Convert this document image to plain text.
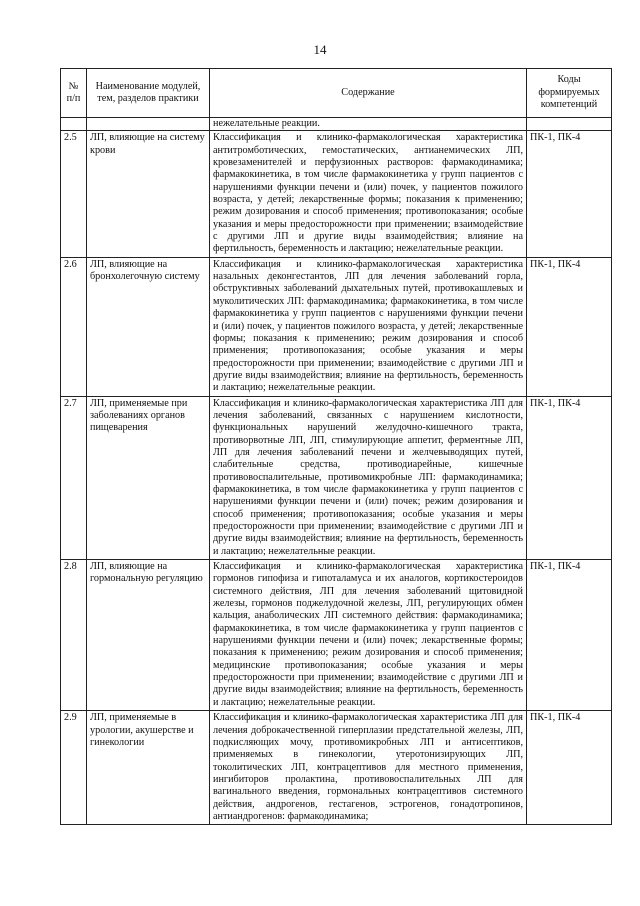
14
№ п/п	Наименование модулей, тем, разделов практики	Содержание	Коды формируемых компетенций
		нежелательные реакции.	
2.5	ЛП, влияющие на систему крови	Классификация и клинико-фармакологическая характеристика антитромботических, гемостатических, антианемических ЛП, кровезаменителей и перфузионных растворов: фармакодинамика; фармакокинетика, в том числе фармакокинетика у групп пациентов с нарушениями функции печени и (или) почек, у пациентов пожилого возраста, у детей; лекарственные формы; показания к применению; режим дозирования и способ применения; противопоказания; особые указания и меры предосторожности при применении; взаимодействие с другими ЛП и другие виды взаимодействия; влияние на фертильность, беременность и лактацию; нежелательные реакции.	ПК-1, ПК-4
2.6	ЛП, влияющие на бронхолегочную систему	Классификация и клинико-фармакологическая характеристика назальных деконгестантов, ЛП для лечения заболеваний горла, обструктивных заболеваний дыхательных путей, противокашлевых и муколитических ЛП: фармакодинамика; фармакокинетика, в том числе фармакокинетика у групп пациентов с нарушениями функции печени и (или) почек, у пациентов пожилого возраста, у детей; лекарственные формы; показания к применению; режим дозирования и способ применения; противопоказания; особые указания и меры предосторожности при применении; взаимодействие с другими ЛП и другие виды взаимодействия; влияние на фертильность, беременность и лактацию; нежелательные реакции.	ПК-1, ПК-4
2.7	ЛП, применяемые при заболеваниях органов пищеварения	Классификация и клинико-фармакологическая характеристика ЛП для лечения заболеваний, связанных с нарушением кислотности, функциональных нарушений желудочно-кишечного тракта, противорвотные ЛП, ЛП, стимулирующие аппетит, ферментные ЛП, ЛП для лечения заболеваний печени и желчевыводящих путей, слабительные средства, противодиарейные, кишечные противовоспалительные, противомикробные ЛП: фармакодинамика; фармакокинетика, в том числе фармакокинетика у групп пациентов с нарушениями функции печени и (или) почек; режим дозирования и способ применения; противопоказания; особые указания и меры предосторожности при применении; взаимодействие с другими ЛП и другие виды взаимодействия; влияние на фертильность, беременность и лактацию; нежелательные реакции.	ПК-1, ПК-4
2.8	ЛП, влияющие на гормональную регуляцию	Классификация и клинико-фармакологическая характеристика гормонов гипофиза и гипоталамуса и их аналогов, кортикостероидов системного действия, ЛП для лечения заболеваний щитовидной железы, гормонов поджелудочной железы, ЛП, регулирующих обмен кальция, анаболических ЛП системного действия: фармакодинамика; фармакокинетика, в том числе фармакокинетика у групп пациентов с нарушениями функции печени и (или) почек; лекарственные формы; показания к применению; режим дозирования и способ применения; медицинские противопоказания; особые указания и меры предосторожности при применении; взаимодействие с другими ЛП и другие виды взаимодействия; влияние на фертильность, беременность и лактацию; нежелательные реакции.	ПК-1, ПК-4
2.9	ЛП, применяемые в урологии, акушерстве и гинекологии	Классификация и клинико-фармакологическая характеристика ЛП для лечения доброкачественной гиперплазии предстательной железы, ЛП, подкисляющих мочу, противомикробных ЛП и антисептиков, применяемых в гинекологии, утеротонизирующих ЛП, токолитических ЛП, контрацептивов для местного применения, ингибиторов пролактина, противовоспалительных ЛП для вагинального введения, гормональных контрацептивов системного действия, андрогенов, гестагенов, эстрогенов, гонадотропинов, антиандрогенов: фармакодинамика;	ПК-1, ПК-4
